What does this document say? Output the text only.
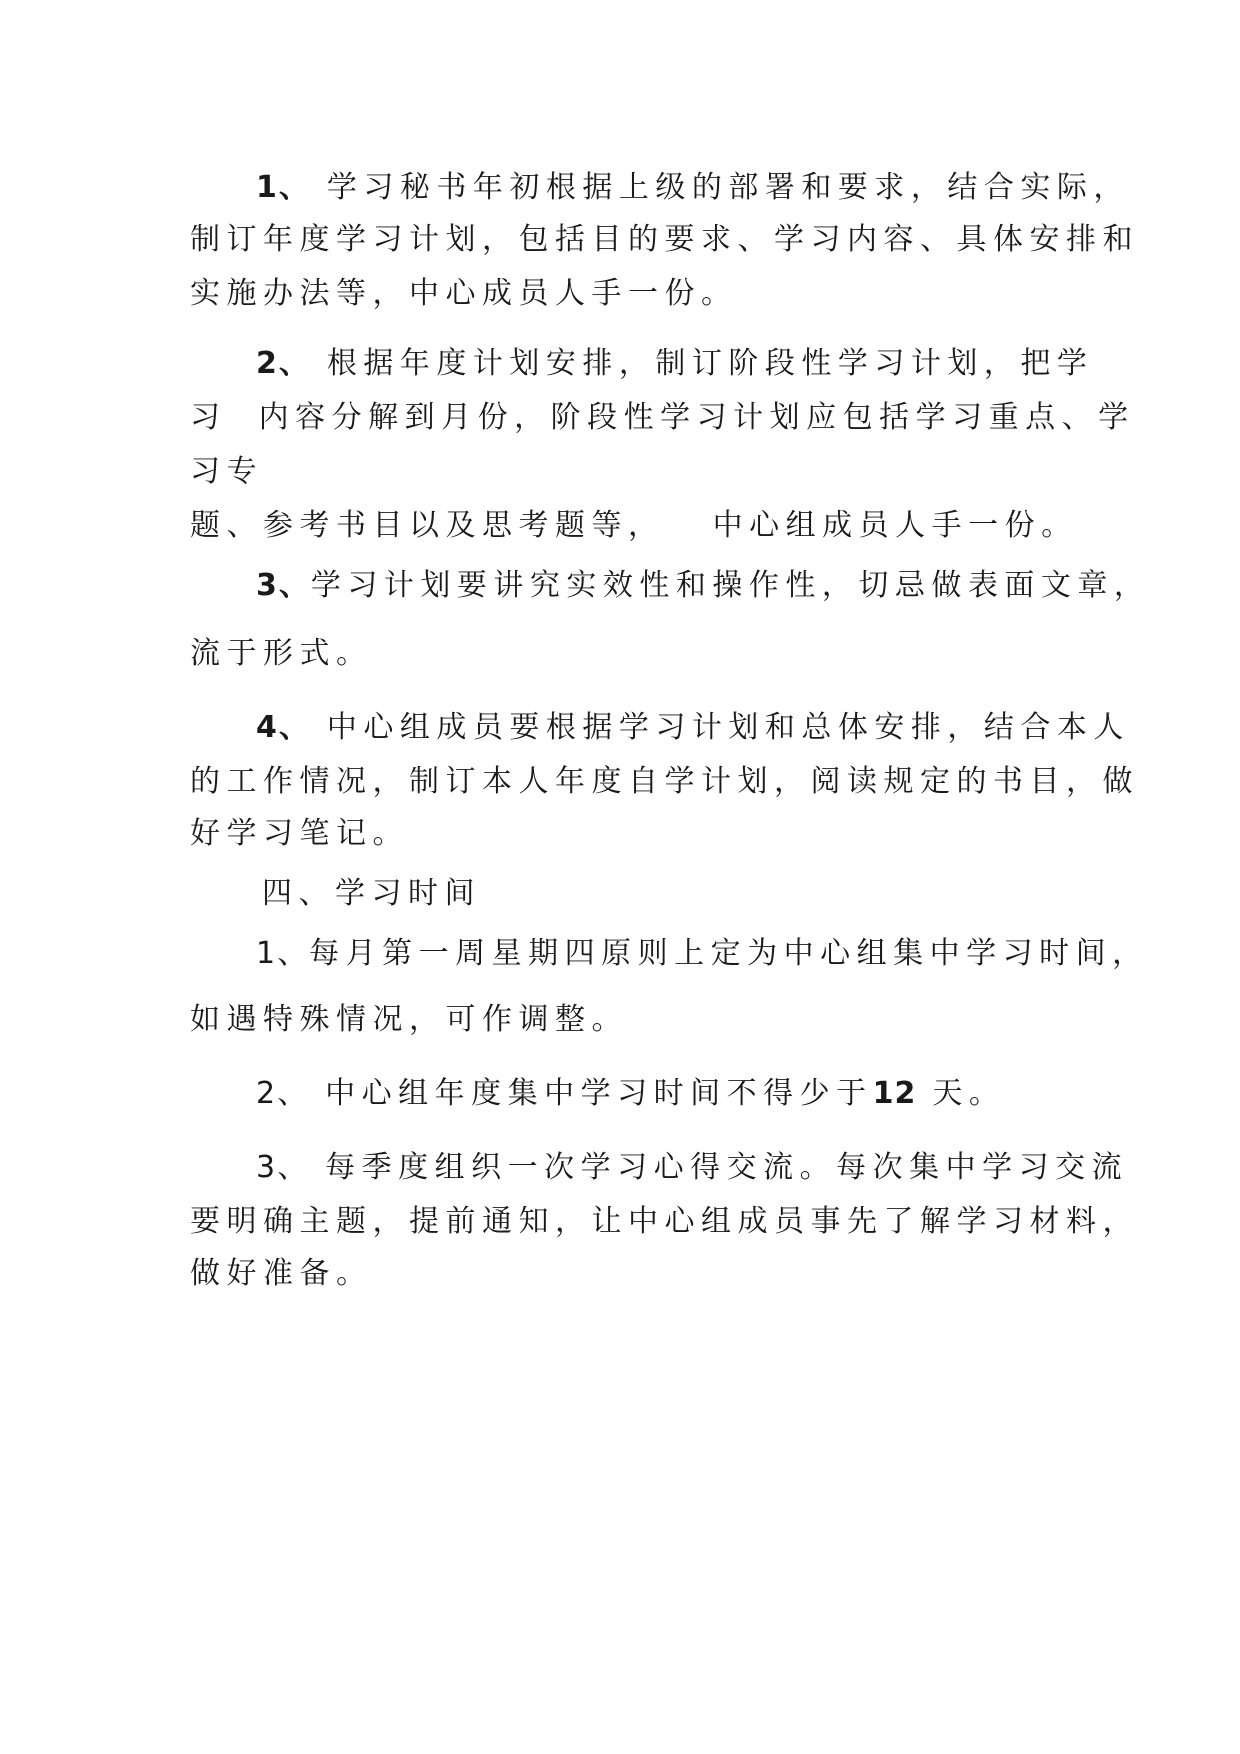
1、 学习秘书年初根据上级的部署和要求，结合实际，
制订年度学习计划，包括目的要求、学习内容、具体安排和
实施办法等，中心成员人手一份。
2、 根据年度计划安排，制订阶段性学习计划，把学
习  内容分解到月份，阶段性学习计划应包括学习重点、学
习专
题、参考书目以及思考题等，   中心组成员人手一份。
3、学习计划要讲究实效性和操作性，切忌做表面文章，
流于形式。
4、 中心组成员要根据学习计划和总体安排，结合本人
的工作情况，制订本人年度自学计划，阅读规定的书目，做
好学习笔记。
四、学习时间
1、每月第一周星期四原则上定为中心组集中学习时间，
如遇特殊情况，可作调整。
2、 中心组年度集中学习时间不得少于12 天。
3、 每季度组织一次学习心得交流。每次集中学习交流
要明确主题，提前通知，让中心组成员事先了解学习材料，
做好准备。
